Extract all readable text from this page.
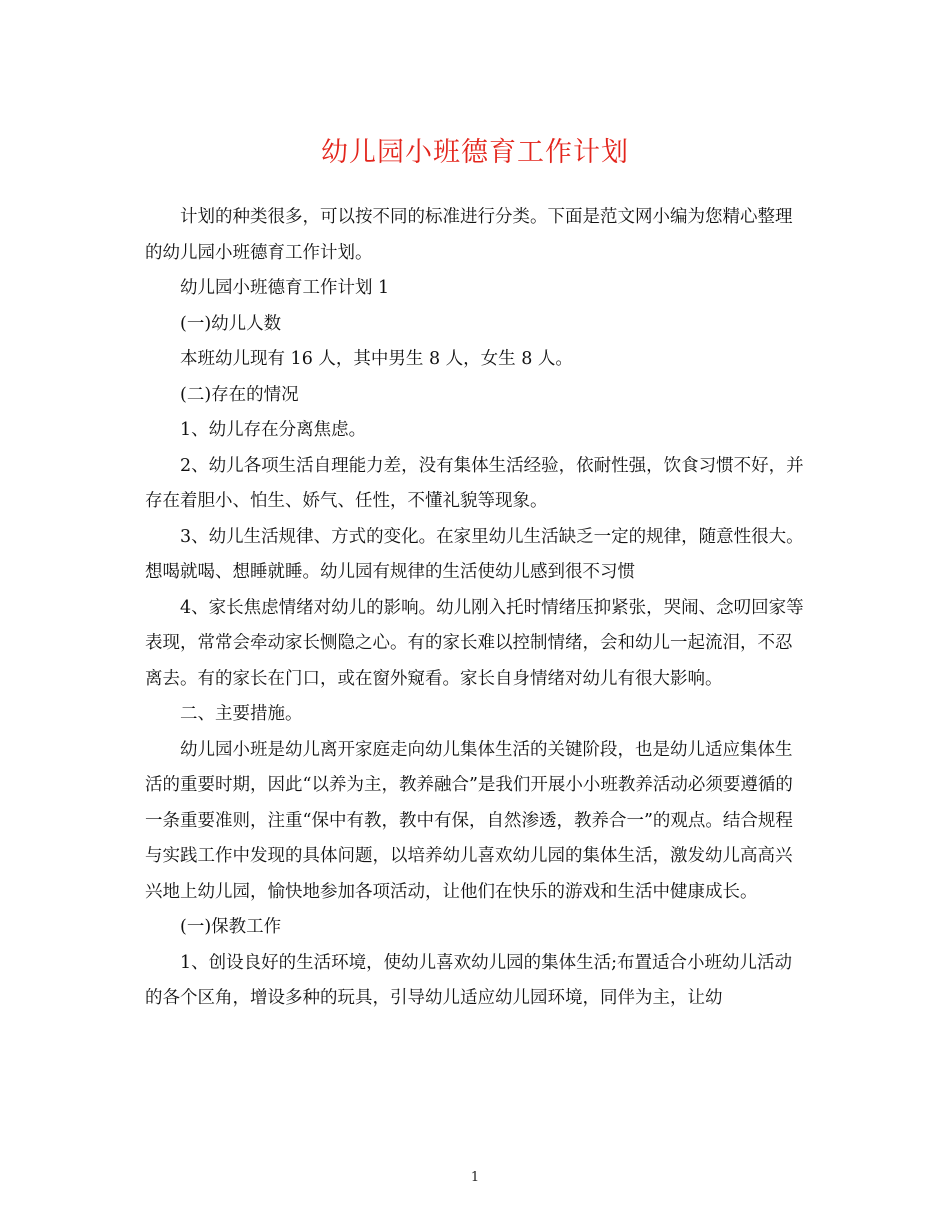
幼儿园小班德育工作计划

计划的种类很多，可以按不同的标准进行分类。下面是范文网小编为您精心整理的幼儿园小班德育工作计划。

幼儿园小班德育工作计划 1

(一)幼儿人数

本班幼儿现有 16 人，其中男生 8 人，女生 8 人。

(二)存在的情况

1、幼儿存在分离焦虑。

2、幼儿各项生活自理能力差，没有集体生活经验，依耐性强，饮食习惯不好，并存在着胆小、怕生、娇气、任性，不懂礼貌等现象。

3、幼儿生活规律、方式的变化。在家里幼儿生活缺乏一定的规律，随意性很大。想喝就喝、想睡就睡。幼儿园有规律的生活使幼儿感到很不习惯

4、家长焦虑情绪对幼儿的影响。幼儿刚入托时情绪压抑紧张，哭闹、念叨回家等表现，常常会牵动家长恻隐之心。有的家长难以控制情绪，会和幼儿一起流泪，不忍离去。有的家长在门口，或在窗外窥看。家长自身情绪对幼儿有很大影响。

二、主要措施。

幼儿园小班是幼儿离开家庭走向幼儿集体生活的关键阶段，也是幼儿适应集体生活的重要时期，因此“以养为主，教养融合”是我们开展小小班教养活动必须要遵循的一条重要准则，注重“保中有教，教中有保，自然渗透，教养合一”的观点。结合规程与实践工作中发现的具体问题，以培养幼儿喜欢幼儿园的集体生活，激发幼儿高高兴兴地上幼儿园，愉快地参加各项活动，让他们在快乐的游戏和生活中健康成长。

(一)保教工作

1、创设良好的生活环境，使幼儿喜欢幼儿园的集体生活;布置适合小班幼儿活动的各个区角，增设多种的玩具，引导幼儿适应幼儿园环境，同伴为主，让幼

1
